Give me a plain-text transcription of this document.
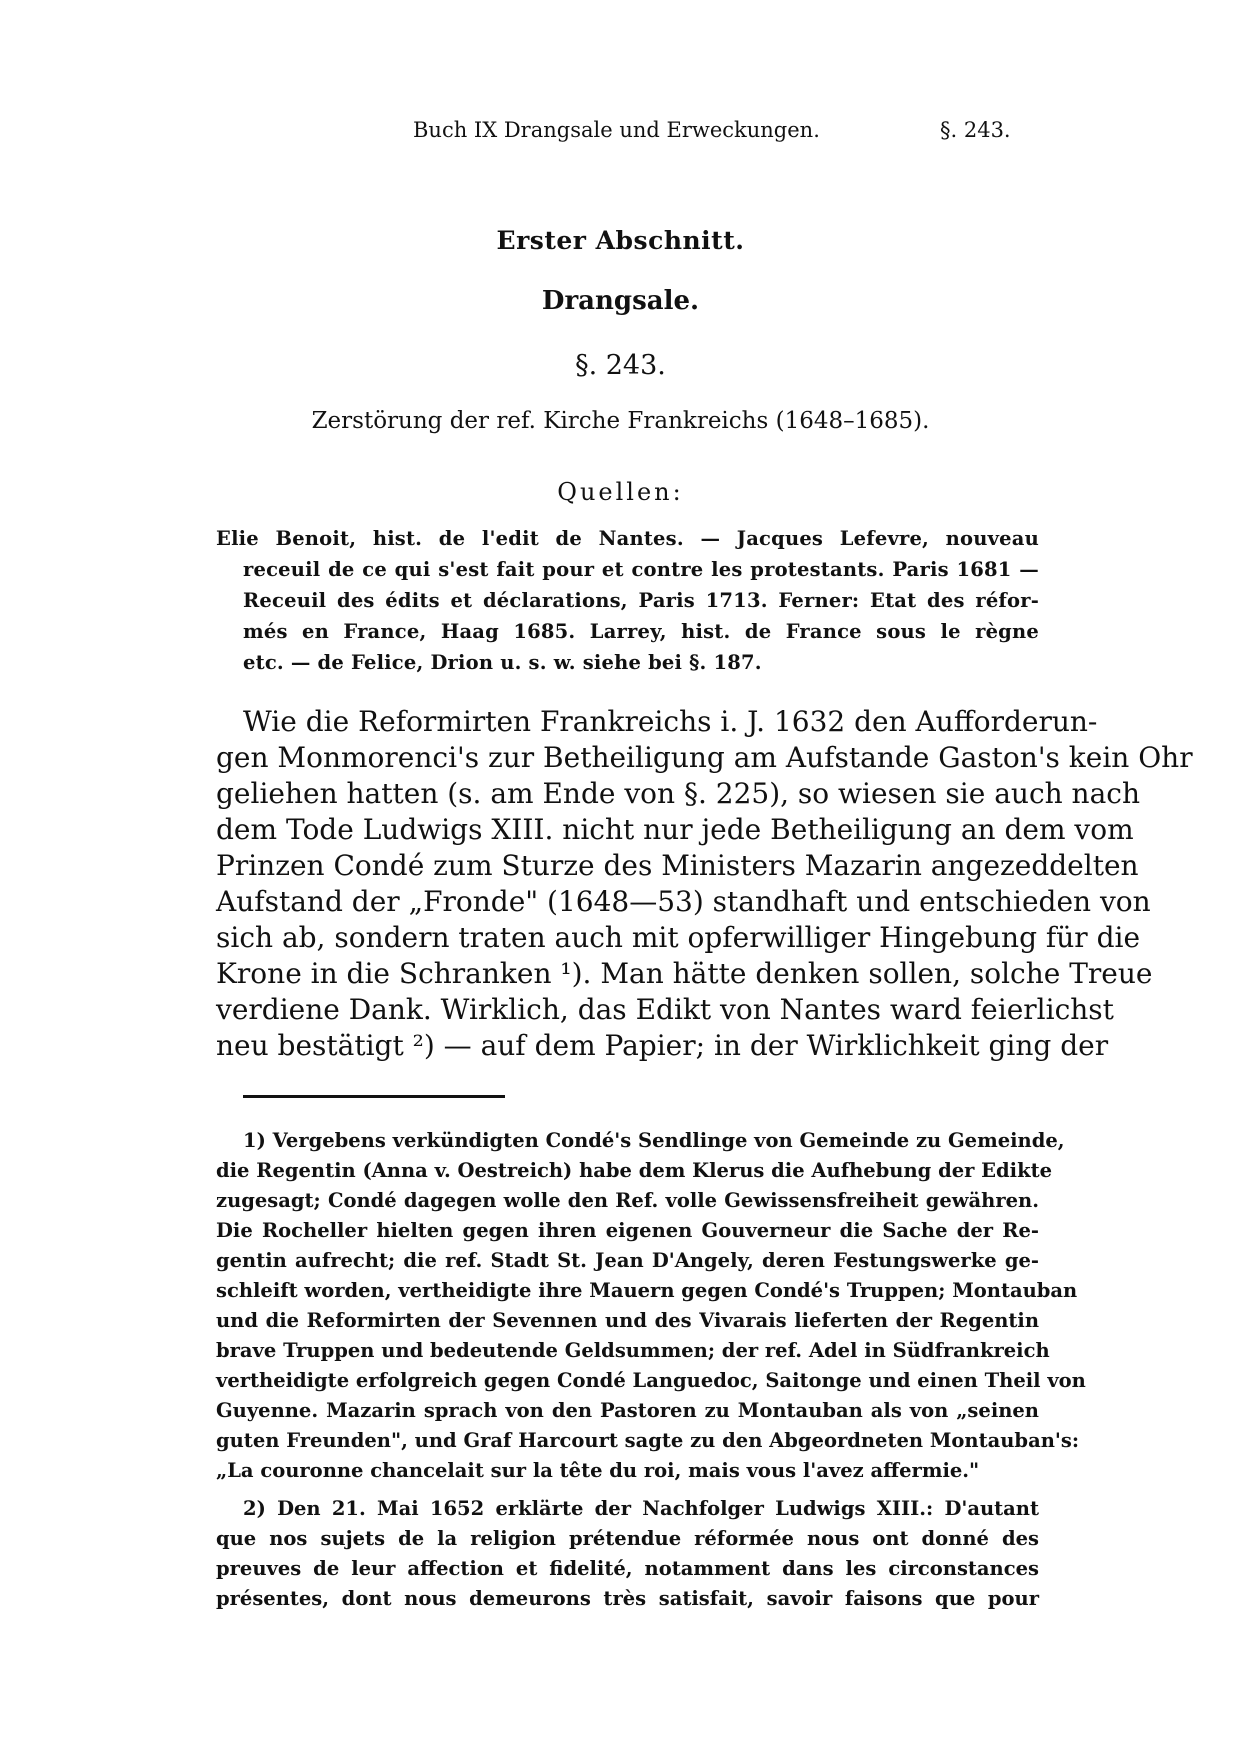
Buch IX Drangsale und Erweckungen.	§. 243.
Erster Abschnitt.
Drangsale.
§. 243.
Zerstörung der ref. Kirche Frankreichs (1648–1685).
Quellen:
Elie Benoit, hist. de l'edit de Nantes. — Jacques Lefevre, nouveau
receuil de ce qui s'est fait pour et contre les protestants. Paris 1681 —
Receuil des édits et déclarations, Paris 1713. Ferner: Etat des réfor-
més en France, Haag 1685. Larrey, hist. de France sous le règne
etc. — de Felice, Drion u. s. w. siehe bei §. 187.
Wie die Reformirten Frankreichs i. J. 1632 den Aufforderun-
gen Monmorenci's zur Betheiligung am Aufstande Gaston's kein Ohr
geliehen hatten (s. am Ende von §. 225), so wiesen sie auch nach
dem Tode Ludwigs XIII. nicht nur jede Betheiligung an dem vom
Prinzen Condé zum Sturze des Ministers Mazarin angezeddelten
Aufstand der „Fronde" (1648—53) standhaft und entschieden von
sich ab, sondern traten auch mit opferwilliger Hingebung für die
Krone in die Schranken ¹). Man hätte denken sollen, solche Treue
verdiene Dank. Wirklich, das Edikt von Nantes ward feierlichst
neu bestätigt ²) — auf dem Papier; in der Wirklichkeit ging der
1) Vergebens verkündigten Condé's Sendlinge von Gemeinde zu Gemeinde,
die Regentin (Anna v. Oestreich) habe dem Klerus die Aufhebung der Edikte
zugesagt; Condé dagegen wolle den Ref. volle Gewissensfreiheit gewähren.
Die Rocheller hielten gegen ihren eigenen Gouverneur die Sache der Re-
gentin aufrecht; die ref. Stadt St. Jean D'Angely, deren Festungswerke ge-
schleift worden, vertheidigte ihre Mauern gegen Condé's Truppen; Montauban
und die Reformirten der Sevennen und des Vivarais lieferten der Regentin
brave Truppen und bedeutende Geldsummen; der ref. Adel in Südfrankreich
vertheidigte erfolgreich gegen Condé Languedoc, Saitonge und einen Theil von
Guyenne. Mazarin sprach von den Pastoren zu Montauban als von „seinen
guten Freunden", und Graf Harcourt sagte zu den Abgeordneten Montauban's:
„La couronne chancelait sur la tête du roi, mais vous l'avez affermie."
2) Den 21. Mai 1652 erklärte der Nachfolger Ludwigs XIII.: D'autant
que nos sujets de la religion prétendue réformée nous ont donné des
preuves de leur affection et fidelité, notamment dans les circonstances
présentes, dont nous demeurons très satisfait, savoir faisons que pour
